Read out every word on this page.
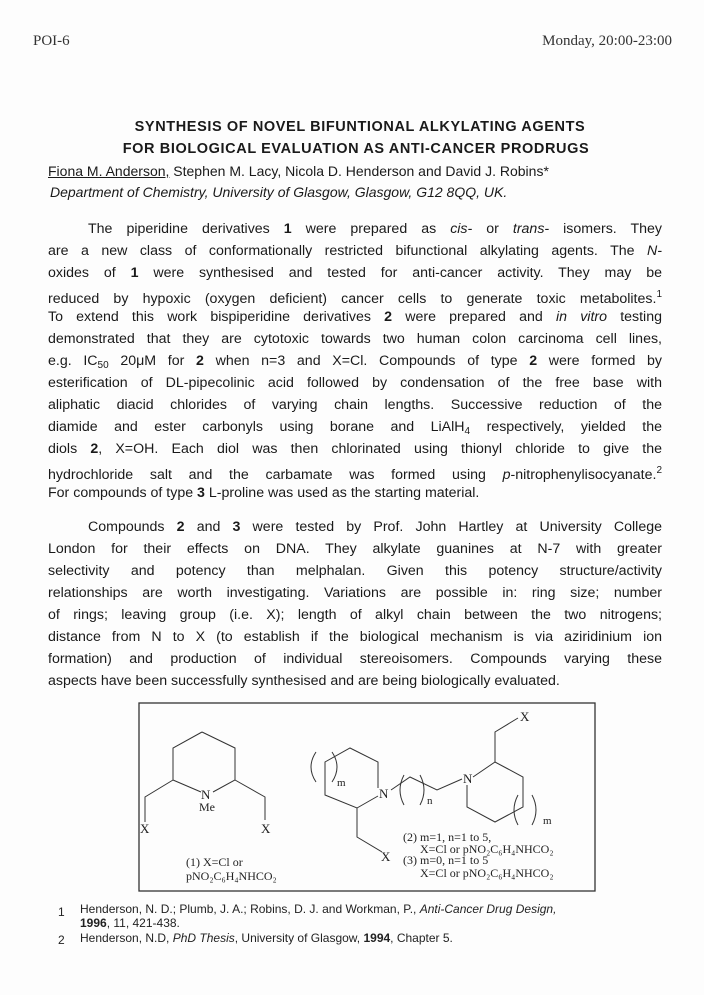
POI-6	Monday, 20:00-23:00
SYNTHESIS OF NOVEL BIFUNTIONAL ALKYLATING AGENTS
FOR BIOLOGICAL EVALUATION AS ANTI-CANCER PRODRUGS
Fiona M. Anderson, Stephen M. Lacy, Nicola D. Henderson and David J. Robins*
Department of Chemistry, University of Glasgow, Glasgow, G12 8QQ, UK.
The piperidine derivatives 1 were prepared as cis- or trans- isomers. They
are a new class of conformationally restricted bifunctional alkylating agents. The N-
oxides of 1 were synthesised and tested for anti-cancer activity. They may be
reduced by hypoxic (oxygen deficient) cancer cells to generate toxic metabolites.$^1$
To extend this work bispiperidine derivatives 2 were prepared and in vitro testing
demonstrated that they are cytotoxic towards two human colon carcinoma cell lines,
e.g. $IC_{50}$ 20μM for 2 when n=3 and X=Cl. Compounds of type 2 were formed by
esterification of DL-pipecolinic acid followed by condensation of the free base with
aliphatic diacid chlorides of varying chain lengths. Successive reduction of the
diamide and ester carbonyls using borane and LiAlH$_4$ respectively, yielded the
diols 2, X=OH. Each diol was then chlorinated using thionyl chloride to give the
hydrochloride salt and the carbamate was formed using p-nitrophenylisocyanate.$^2$
For compounds of type 3 L-proline was used as the starting material.
Compounds 2 and 3 were tested by Prof. John Hartley at University College
London for their effects on DNA. They alkylate guanines at N-7 with greater
selectivity and potency than melphalan. Given this potency structure/activity
relationships are worth investigating. Variations are possible in: ring size; number
of rings; leaving group (i.e. X); length of alkyl chain between the two nitrogens;
distance from N to X (to establish if the biological mechanism is via aziridinium ion
formation) and production of individual stereoisomers. Compounds varying these
aspects have been successfully synthesised and are being biologically evaluated.
N
Me
X	X
(1) X=Cl or
pNO₂C₆H₄NHCO₂
m
n
m
N
N
X
X
(2) m=1, n=1 to 5,
X=Cl or pNO₂C₆H₄NHCO₂
(3) m=0, n=1 to 5
X=Cl or pNO₂C₆H₄NHCO₂
1 Henderson, N. D.; Plumb, J. A.; Robins, D. J. and Workman, P., Anti-Cancer Drug Design,
1996, 11, 421-438.
2 Henderson, N.D, PhD Thesis, University of Glasgow, 1994, Chapter 5.
